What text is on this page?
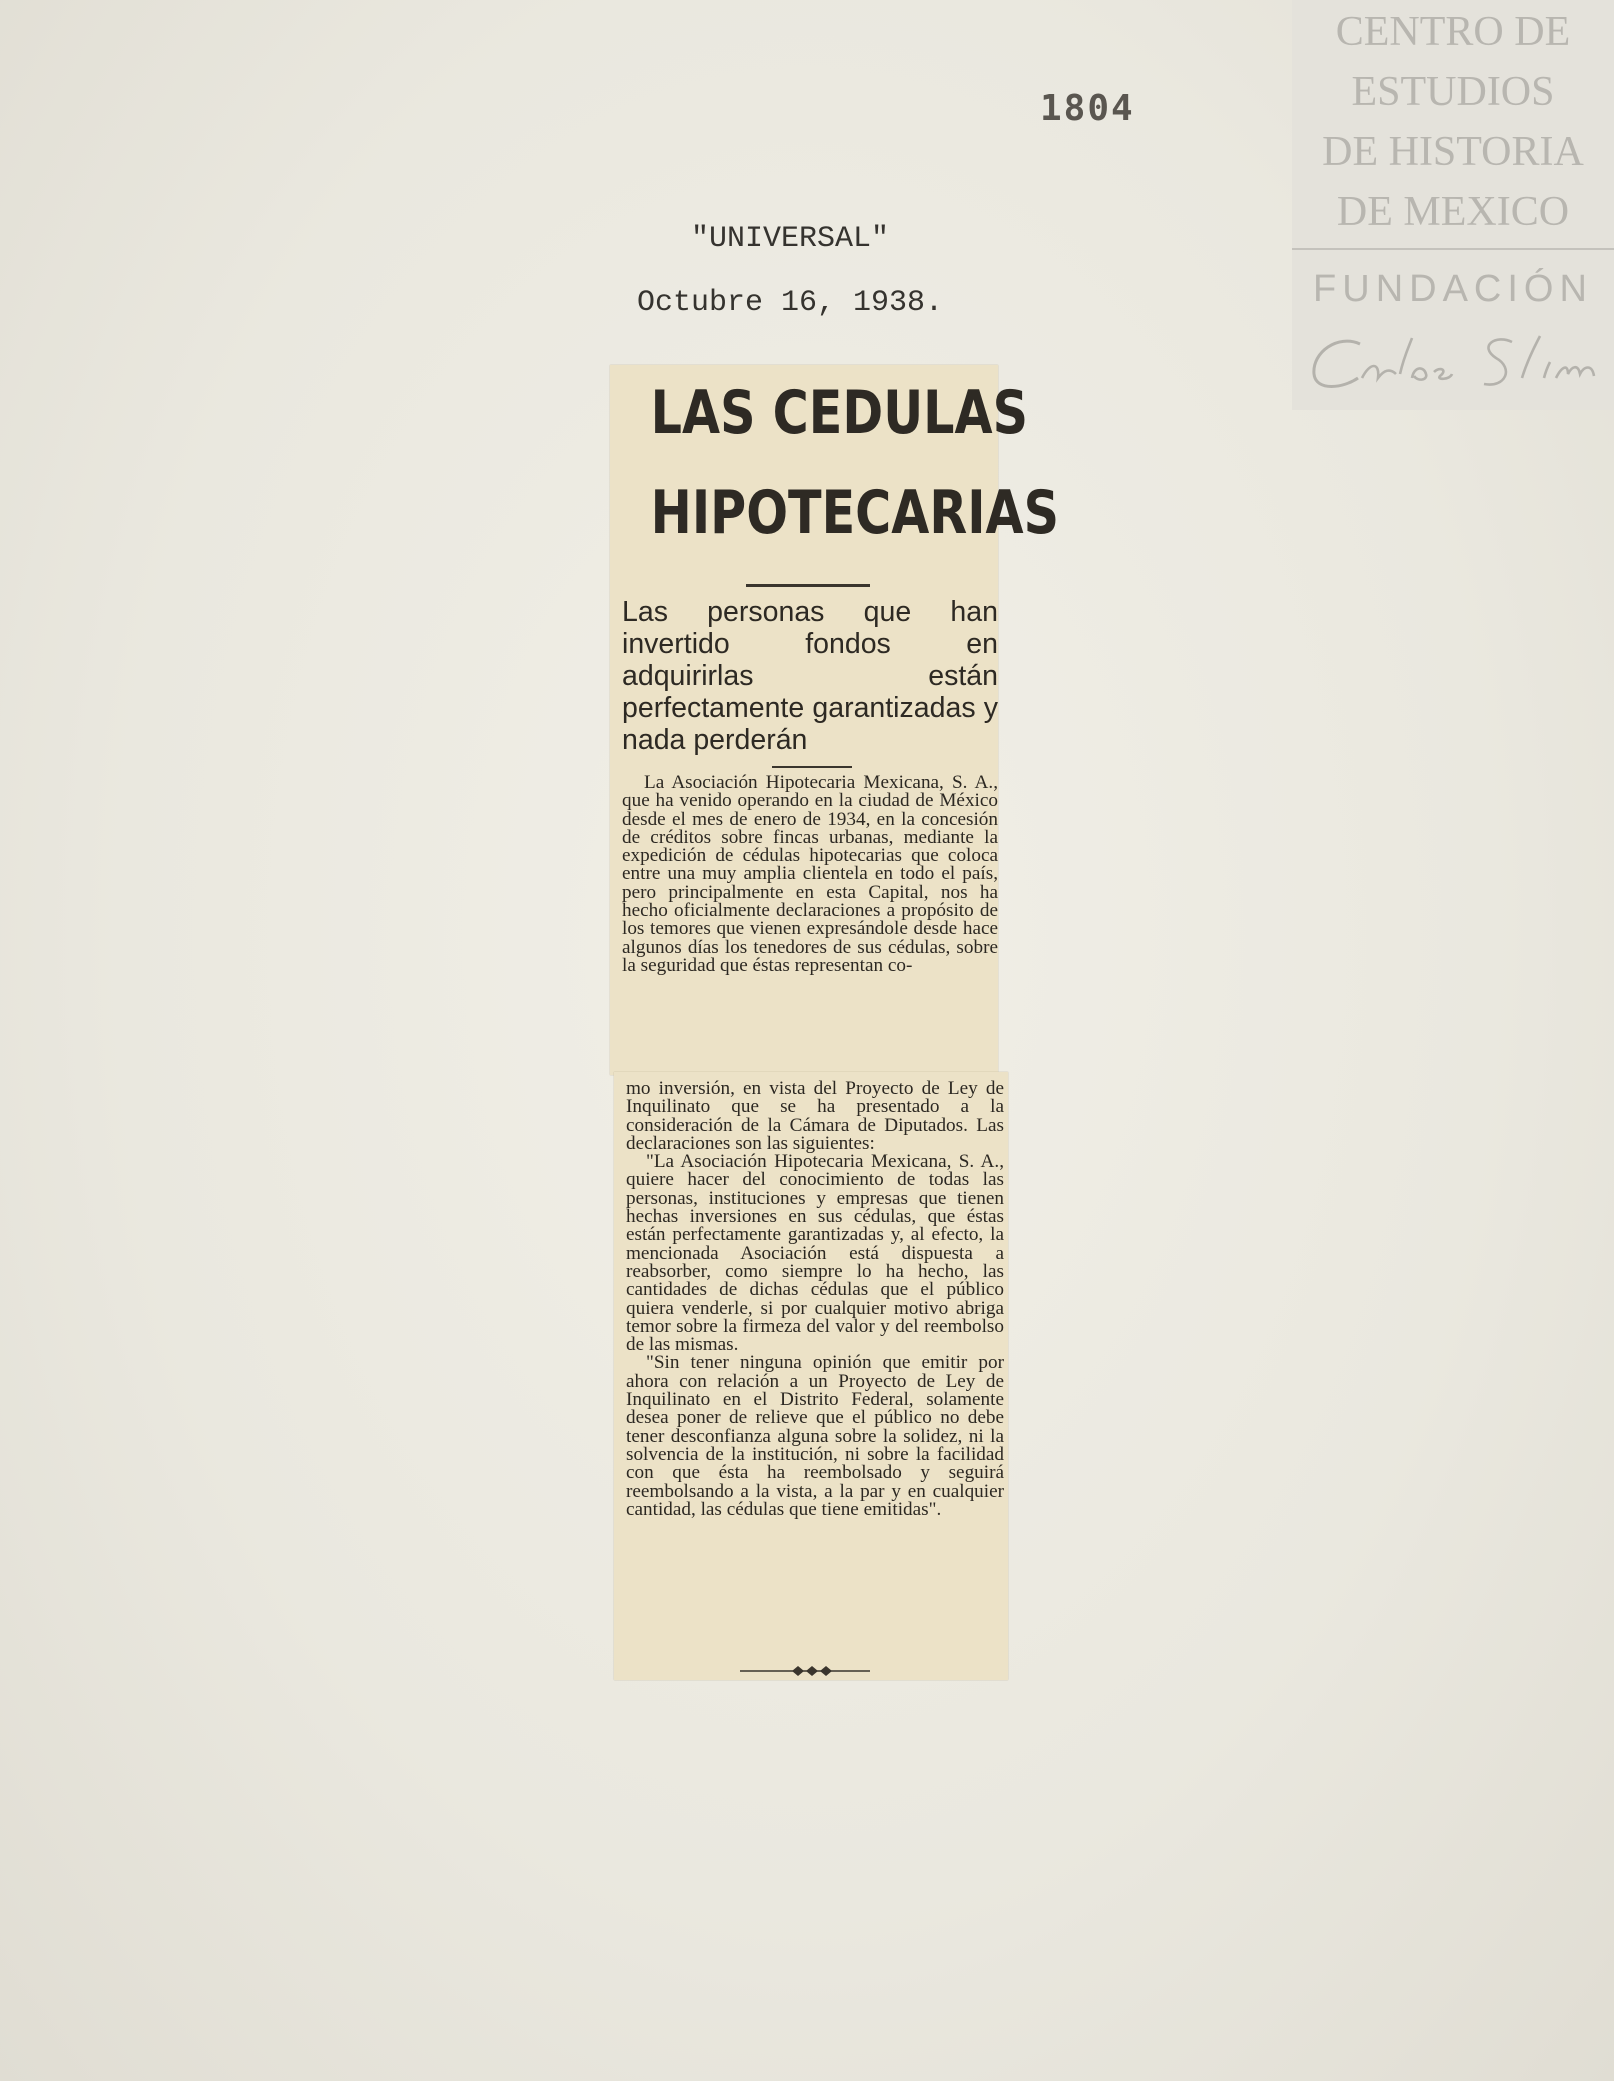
1804
"UNIVERSAL"
Octubre 16, 1938.
CENTRO DE
ESTUDIOS
DE HISTORIA
DE MEXICO
FUNDACIÓN
LAS CEDULAS
HIPOTECARIAS
Las personas que han invertido fondos en adquirirlas están perfectamente garantizadas y nada perderán
La Asociación Hipotecaria Mexicana, S. A., que ha venido operando en la ciudad de México desde el mes de enero de 1934, en la concesión de créditos sobre fincas urbanas, mediante la expedición de cédulas hipotecarias que coloca entre una muy amplia clientela en todo el país, pero principalmente en esta Capital, nos ha hecho oficialmente declaraciones a propósito de los temores que vienen expresándole desde hace algunos días los tenedores de sus cédulas, sobre la seguridad que éstas representan co-
mo inversión, en vista del Proyecto de Ley de Inquilinato que se ha presentado a la consideración de la Cámara de Diputados. Las declaraciones son las siguientes:
"La Asociación Hipotecaria Mexicana, S. A., quiere hacer del conocimiento de todas las personas, instituciones y empresas que tienen hechas inversiones en sus cédulas, que éstas están perfectamente garantizadas y, al efecto, la mencionada Asociación está dispuesta a reabsorber, como siempre lo ha hecho, las cantidades de dichas cédulas que el público quiera venderle, si por cualquier motivo abriga temor sobre la firmeza del valor y del reembolso de las mismas.
"Sin tener ninguna opinión que emitir por ahora con relación a un Proyecto de Ley de Inquilinato en el Distrito Federal, solamente desea poner de relieve que el público no debe tener desconfianza alguna sobre la solidez, ni la solvencia de la institución, ni sobre la facilidad con que ésta ha reembolsado y seguirá reembolsando a la vista, a la par y en cualquier cantidad, las cédulas que tiene emitidas".
